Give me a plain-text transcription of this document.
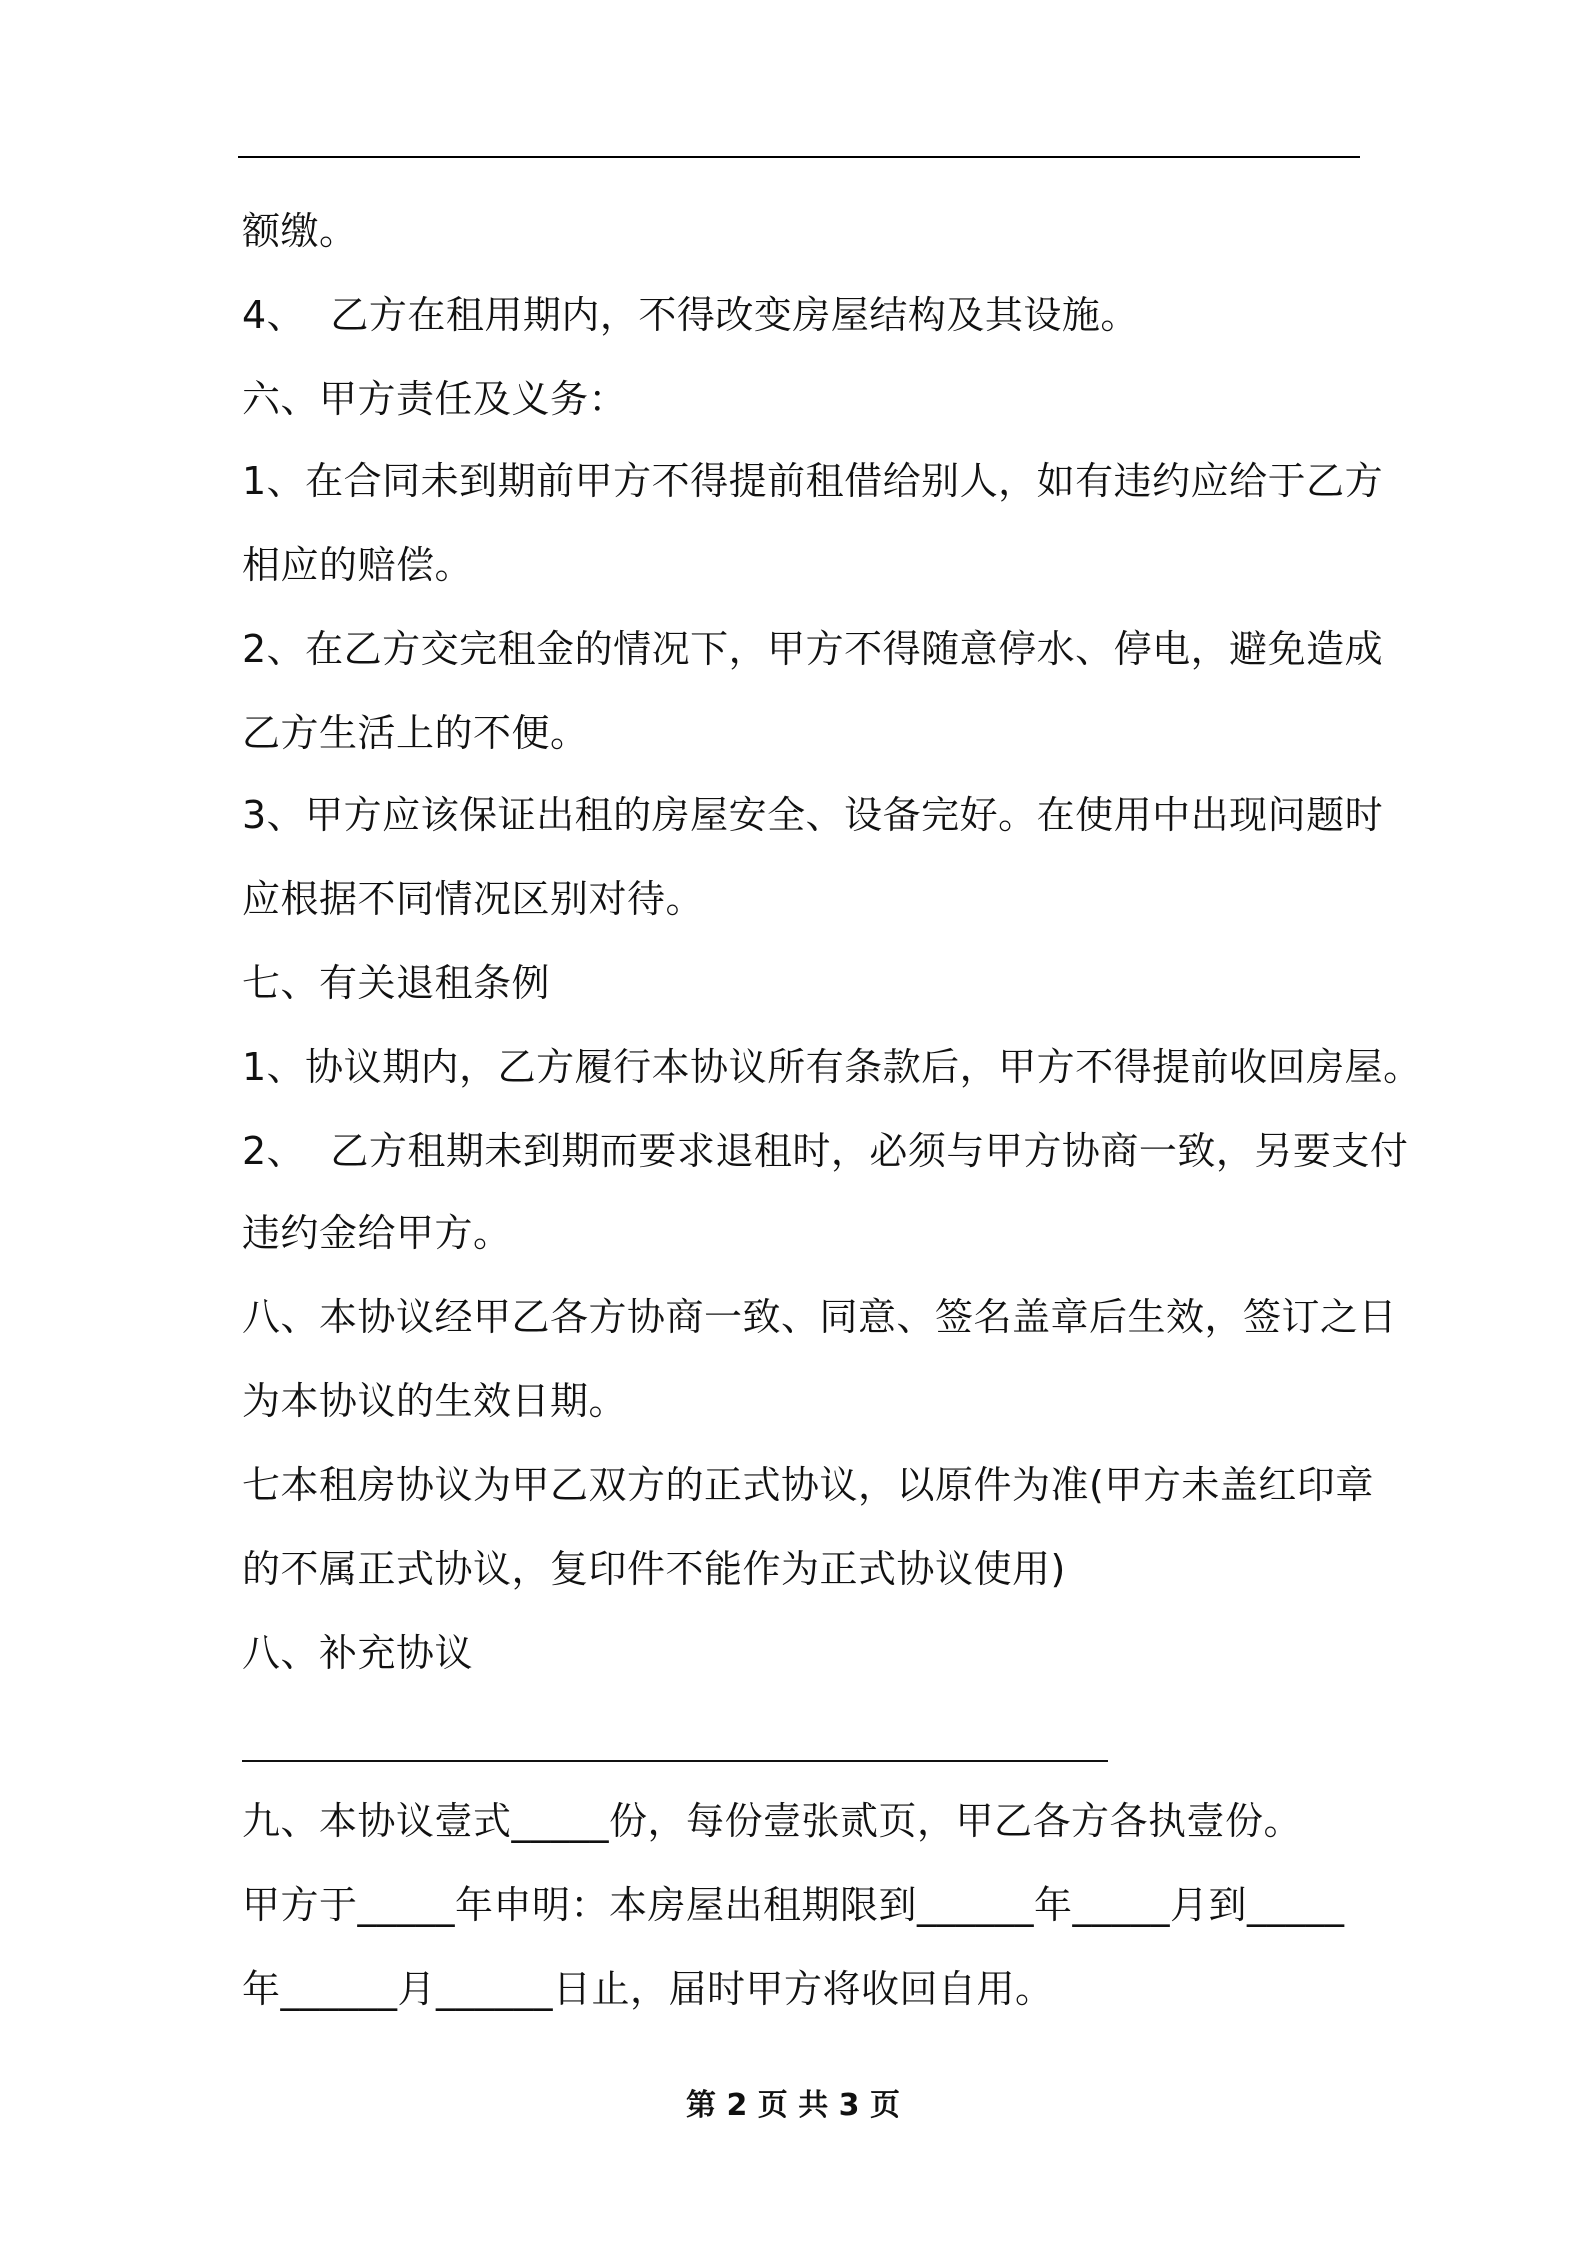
额缴。
4、  乙方在租用期内，不得改变房屋结构及其设施。
六、甲方责任及义务：
1、在合同未到期前甲方不得提前租借给别人，如有违约应给于乙方
相应的赔偿。
2、在乙方交完租金的情况下，甲方不得随意停水、停电，避免造成
乙方生活上的不便。
3、甲方应该保证出租的房屋安全、设备完好。在使用中出现问题时
应根据不同情况区别对待。
七、有关退租条例
1、协议期内，乙方履行本协议所有条款后，甲方不得提前收回房屋。
2、  乙方租期未到期而要求退租时，必须与甲方协商一致，另要支付
违约金给甲方。
八、本协议经甲乙各方协商一致、同意、签名盖章后生效，签订之日
为本协议的生效日期。
七本租房协议为甲乙双方的正式协议，以原件为准(甲方未盖红印章
的不属正式协议，复印件不能作为正式协议使用)
八、补充协议
九、本协议壹式_____份，每份壹张贰页，甲乙各方各执壹份。
甲方于_____年申明：本房屋出租期限到______年_____月到_____
年______月______日止，届时甲方将收回自用。
第 2 页 共 3 页
